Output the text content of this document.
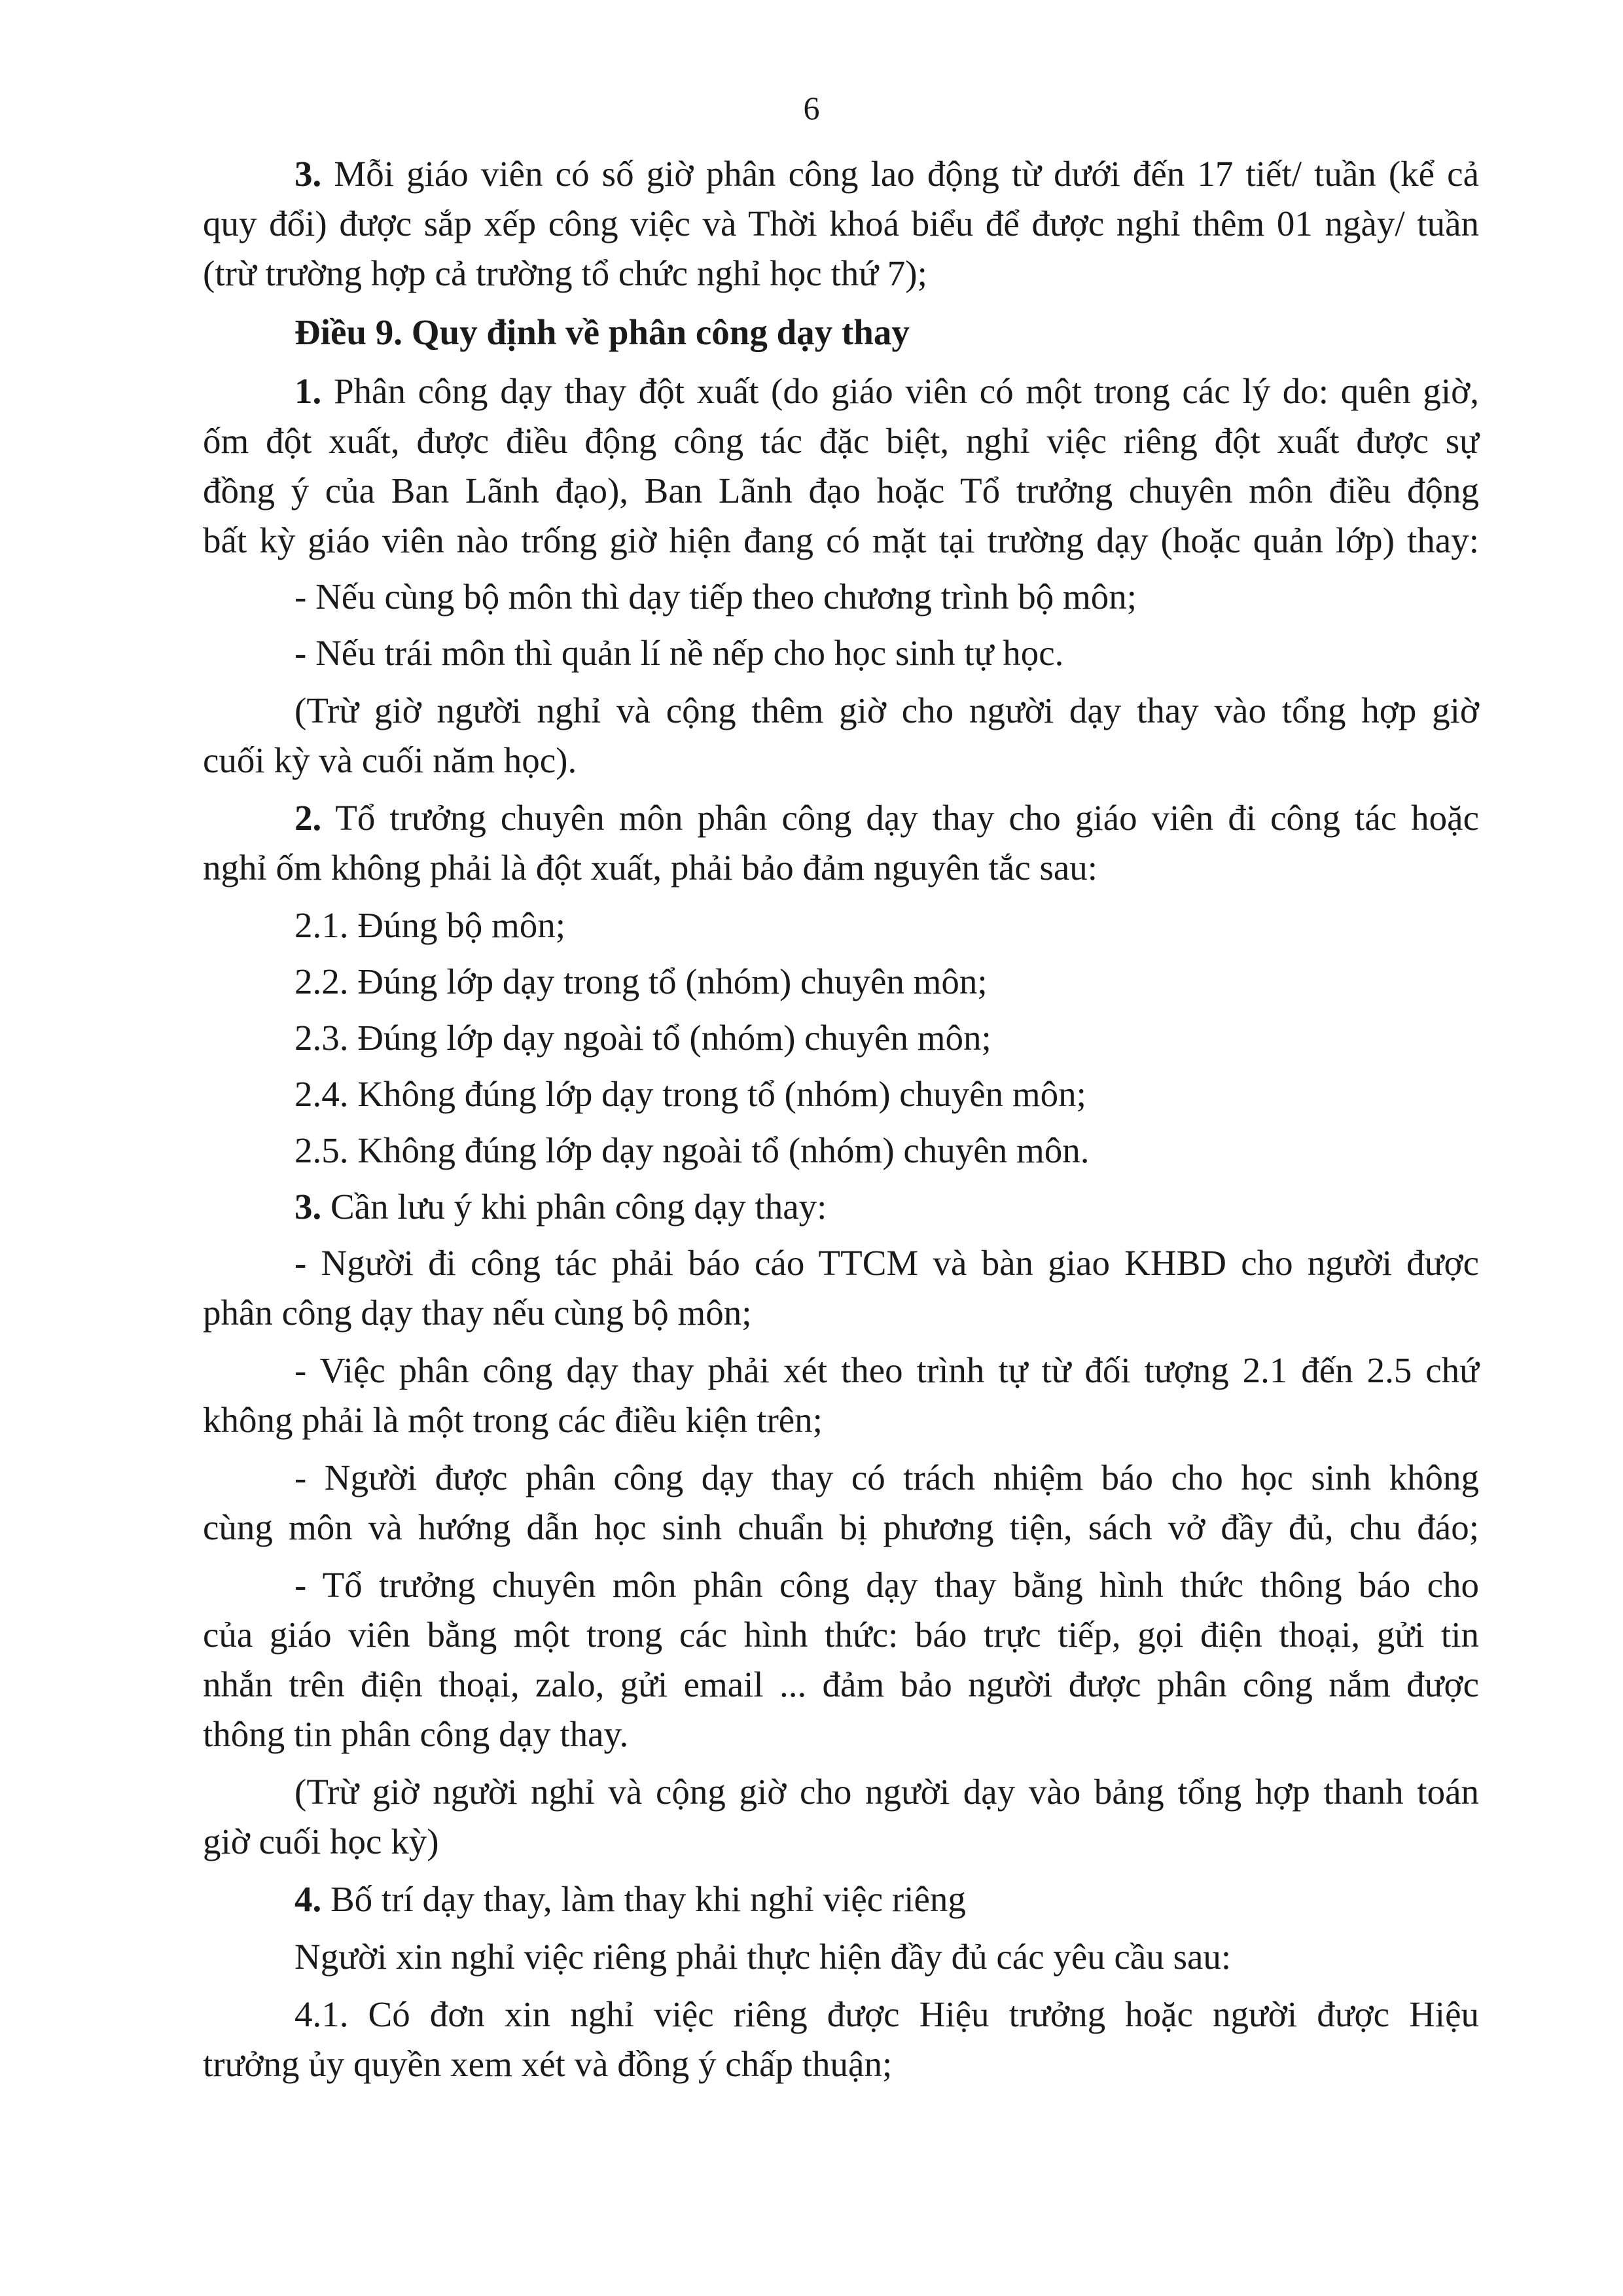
6
3. Mỗi giáo viên có số giờ phân công lao động từ dưới đến 17 tiết/ tuần (kể cả
quy đổi) được sắp xếp công việc và Thời khoá biểu để được nghỉ thêm 01 ngày/ tuần
(trừ trường hợp cả trường tổ chức nghỉ học thứ 7);
Điều 9. Quy định về phân công dạy thay
1. Phân công dạy thay đột xuất (do giáo viên có một trong các lý do: quên giờ,
ốm đột xuất, được điều động công tác đặc biệt, nghỉ việc riêng đột xuất được sự
đồng ý của Ban Lãnh đạo), Ban Lãnh đạo hoặc Tổ trưởng chuyên môn điều động
bất kỳ giáo viên nào trống giờ hiện đang có mặt tại trường dạy (hoặc quản lớp) thay:
- Nếu cùng bộ môn thì dạy tiếp theo chương trình bộ môn;
- Nếu trái môn thì quản lí nề nếp cho học sinh tự học.
(Trừ giờ người nghỉ và cộng thêm giờ cho người dạy thay vào tổng hợp giờ
cuối kỳ và cuối năm học).
2. Tổ trưởng chuyên môn phân công dạy thay cho giáo viên đi công tác hoặc
nghỉ ốm không phải là đột xuất, phải bảo đảm nguyên tắc sau:
2.1. Đúng bộ môn;
2.2. Đúng lớp dạy trong tổ (nhóm) chuyên môn;
2.3. Đúng lớp dạy ngoài tổ (nhóm) chuyên môn;
2.4. Không đúng lớp dạy trong tổ (nhóm) chuyên môn;
2.5. Không đúng lớp dạy ngoài tổ (nhóm) chuyên môn.
3. Cần lưu ý khi phân công dạy thay:
- Người đi công tác phải báo cáo TTCM và bàn giao KHBD cho người được
phân công dạy thay nếu cùng bộ môn;
- Việc phân công dạy thay phải xét theo trình tự từ đối tượng 2.1 đến 2.5 chứ
không phải là một trong các điều kiện trên;
- Người được phân công dạy thay có trách nhiệm báo cho học sinh không
cùng môn và hướng dẫn học sinh chuẩn bị phương tiện, sách vở đầy đủ, chu đáo;
- Tổ trưởng chuyên môn phân công dạy thay bằng hình thức thông báo cho
của giáo viên bằng một trong các hình thức: báo trực tiếp, gọi điện thoại, gửi tin
nhắn trên điện thoại, zalo, gửi email ... đảm bảo người được phân công nắm được
thông tin phân công dạy thay.
(Trừ giờ người nghỉ và cộng giờ cho người dạy vào bảng tổng hợp thanh toán
giờ cuối học kỳ)
4. Bố trí dạy thay, làm thay khi nghỉ việc riêng
Người xin nghỉ việc riêng phải thực hiện đầy đủ các yêu cầu sau:
4.1. Có đơn xin nghỉ việc riêng được Hiệu trưởng hoặc người được Hiệu
trưởng ủy quyền xem xét và đồng ý chấp thuận;
